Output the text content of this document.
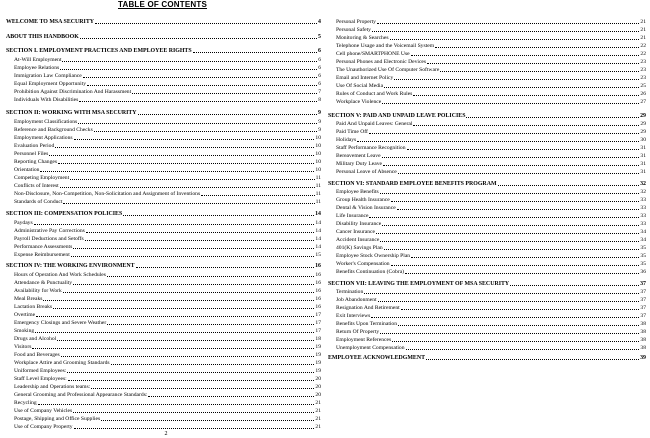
TABLE OF CONTENTS
WELCOME TO MSA SECURITY	4
ABOUT THIS HANDBOOK	5
SECTION I. EMPLOYMENT PRACTICES AND EMPLOYEE RIGHTS	6
At-Will Employment	6
Employee Relations	6
Immigration Law Compliance	6
Equal Employment Opportunity	6
Prohibition Against Discrimination And Harassment	7
Individuals With Disabilities	8
SECTION II: WORKING WITH MSA SECURITY	9
Employment Classifications	9
Reference and Background Checks	9
Employment Applications	10
Evaluation Period	10
Personnel Files	10
Reporting Changes	10
Orientation	10
Competing Employment	11
Conflicts of Interest	11
Non-Disclosure, Non-Competition, Non-Solicitation and Assignment of Inventions	11
Standards of Conduct	11
SECTION III: COMPENSATION POLICIES	14
Paydays	14
Administrative Pay Corrections	14
Payroll Deductions and Setoffs	14
Performance Assessments	14
Expense Reimbursement	15
SECTION IV: THE WORKING ENVIRONMENT	16
Hours of Operation And Work Schedules	16
Attendance & Punctuality	16
Availability for Work	16
Meal Breaks	16
Lactation Breaks	16
Overtime	17
Emergency Closings and Severe Weather	17
Smoking	17
Drugs and Alcohol	18
Visitors	19
Food and Beverages	19
Workplace Attire and Grooming Standards	19
Uniformed Employees:	19
Staff Level Employees:	20
Leadership and Operations teams:	20
General Grooming and Professional Appearance Standards:	20
Recycling	21
Use of Company Vehicles	21
Postage, Shipping and Office Supplies	21
Use of Company Property	21
Personal Property	21
Personal Safety	21
Monitoring & Searches	21
Telephone Usage and the Voicemail System	22
Cell phone/SMARTPHONE Use	22
Personal Phones and Electronic Devices	23
The Unauthorized Use Of Computer Software	23
Email and Internet Policy	23
Use Of Social Media	25
Rules of Conduct and Work Rules	26
Workplace Violence	27
SECTION V: PAID AND UNPAID LEAVE POLICIES	29
Paid And Unpaid Leaves: General	29
Paid Time Off	29
Holidays	30
Staff Performance Recognition	31
Bereavement Leave	31
Military Duty Leave	31
Personal Leave of Absence	31
SECTION VI: STANDARD EMPLOYEE BENEFITS PROGRAM	32
Employee Benefits	32
Group Health Insurance	33
Dental & Vision Insurance	33
Life Insurance	33
Disability Insurance	33
Cancer Insurance	34
Accident Insurance	34
401(K) Savings Plan	35
Employee Stock Ownership Plan	35
Worker's Compensation	35
Benefits Continuation (Cobra)	36
SECTION VII: LEAVING THE EMPLOYMENT OF MSA SECURITY	37
Termination	37
Job Abandonment	37
Resignation And Retirement	37
Exit Interviews	37
Benefits Upon Termination	38
Return Of Property	38
Employment References	38
Unemployment Compensation	38
EMPLOYEE ACKNOWLEDGMENT	39
2
